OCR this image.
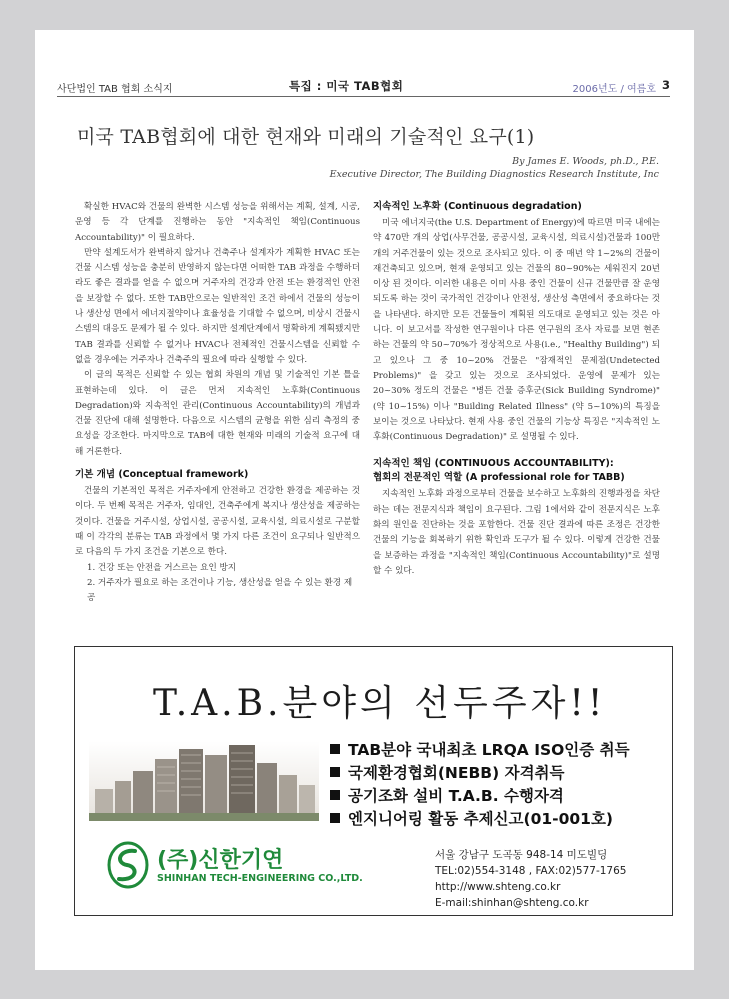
사단법인 TAB 협회 소식지	특집 : 미국 TAB협회	2006년도 / 여름호 3
미국 TAB협회에 대한 현재와 미래의 기술적인 요구(1)
By James E. Woods, ph.D., P.E.
Executive Director, The Building Diagnostics Research Institute, Inc

확실한 HVAC와 건물의 완벽한 시스템 성능을 위해서는 계획, 설계, 시공, 운영 등 각 단계를 진행하는 동안 "지속적인 책임(Continuous Accountability)" 이 필요하다.

만약 설계도서가 완벽하지 않거나 건축주나 설계자가 계획한 HVAC 또는 건물 시스템 성능을 충분히 반영하지 않는다면 어떠한 TAB 과정을 수행하더라도 좋은 결과를 얻을 수 없으며 거주자의 건강과 안전 또는 환경적인 안전을 보장할 수 없다. 또한 TAB만으로는 일반적인 조건 하에서 건물의 성능이나 생산성 면에서 에너지절약이나 효율성을 기대할 수 없으며, 비상시 건물시스템의 대응도 문제가 될 수 있다. 하지만 설계단계에서 명확하게 계획됐지만 TAB 결과를 신뢰할 수 없거나 HVAC나 전체적인 건물시스템을 신뢰할 수 없을 경우에는 거주자나 건축주의 필요에 따라 실행할 수 있다.

이 글의 목적은 신뢰할 수 있는 협회 차원의 개념 및 기술적인 기본 틀을 표현하는데 있다. 이 글은 먼저 지속적인 노후화(Continuous Degradation)와 지속적인 관리(Continuous Accountability)의 개념과 건물 진단에 대해 설명한다. 다음으로 시스템의 균형을 위한 심리 측정의 중요성을 강조한다. 마지막으로 TAB에 대한 현재와 미래의 기술적 요구에 대해 거론한다.

기본 개념 (Conceptual framework)

건물의 기본적인 목적은 거주자에게 안전하고 건강한 환경을 제공하는 것이다. 두 번째 목적은 거주자, 임대인, 건축주에게 복지나 생산성을 제공하는 것이다. 건물을 거주시설, 상업시설, 공공시설, 교육시설, 의료시설로 구분할 때 이 각각의 분류는 TAB 과정에서 몇 가지 다른 조건이 요구되나 일반적으로 다음의 두 가지 조건을 기본으로 한다.

1. 건강 또는 안전을 거스르는 요인 방지
2. 거주자가 필요로 하는 조건이나 기능, 생산성을 얻을 수 있는 환경 제공
지속적인 노후화 (Continuous degradation)

미국 에너지국(the U.S. Department of Energy)에 따르면 미국 내에는 약 470만 개의 상업(사무건물, 공공시설, 교육시설, 의료시설)건물과 100만개의 거주건물이 있는 것으로 조사되고 있다. 이 중 매년 약 1~2%의 건물이 재건축되고 있으며, 현재 운영되고 있는 건물의 80~90%는 세워진지 20년 이상 된 것이다. 이러한 내용은 이미 사용 중인 건물이 신규 건물만큼 잘 운영되도록 하는 것이 국가적인 건강이나 안전성, 생산성 측면에서 중요하다는 것을 나타낸다. 하지만 모든 건물들이 계획된 의도대로 운영되고 있는 것은 아니다. 이 보고서를 작성한 연구원이나 다른 연구원의 조사 자료를 보면 현존하는 건물의 약 50~70%가 정상적으로 사용(i.e., "Healthy Building") 되고 있으나 그 중 10~20% 건물은 "잠재적인 문제점(Undetected Problems)" 을 갖고 있는 것으로 조사되었다. 운영에 문제가 있는 20~30% 정도의 건물은 "병든 건물 증후군(Sick Building Syndrome)" (약 10~15%) 이나 "Building Related Illness" (약 5~10%)의 특징을 보이는 것으로 나타났다. 현재 사용 중인 건물의 기능상 특징은 "지속적인 노후화(Continuous Degradation)" 로 설명될 수 있다.

지속적인 책임 (CONTINUOUS ACCOUNTABILITY):
협회의 전문적인 역할 (A professional role for TABB)

지속적인 노후화 과정으로부터 건물을 보수하고 노후화의 진행과정을 차단하는 데는 전문지식과 책임이 요구된다. 그림 1에서와 같이 전문지식은 노후화의 원인을 진단하는 것을 포함한다. 건물 진단 결과에 따른 조정은 건강한 건물의 기능을 회복하기 위한 확인과 도구가 될 수 있다. 이렇게 건강한 건물을 보증하는 과정을 "지속적인 책임(Continuous Accountability)"로 설명할 수 있다.

T.A.B.분야의 선두주자!!
TAB분야 국내최초 LRQA ISO인증 취득
국제환경협회(NEBB) 자격취득
공기조화 설비 T.A.B. 수행자격
엔지니어링 활동 추제신고(01-001호)
(주)신한기연
SHINHAN TECH-ENGINEERING CO.,LTD.
서울 강남구 도곡동 948-14 미도빌딩
TEL:02)554-3148 , FAX:02)577-1765
http://www.shteng.co.kr
E-mail:shinhan@shteng.co.kr
